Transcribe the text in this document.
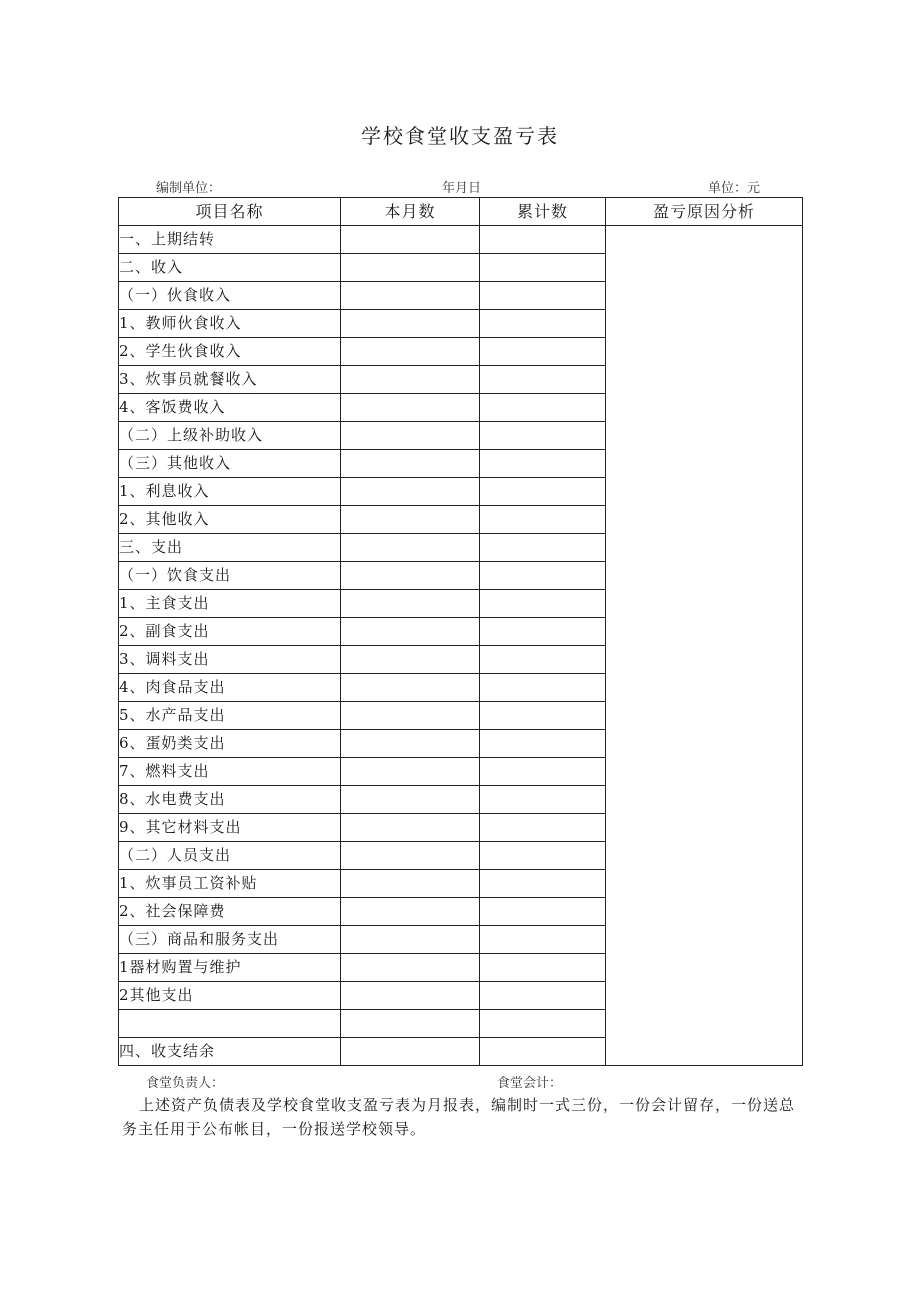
学校食堂收支盈亏表
编制单位：	年月日	单位：元
项目名称	本月数	累计数	盈亏原因分析
一、上期结转			
二、收入			
（一）伙食收入			
1、教师伙食收入			
2、学生伙食收入			
3、炊事员就餐收入			
4、客饭费收入			
（二）上级补助收入			
（三）其他收入			
1、利息收入			
2、其他收入			
三、支出			
（一）饮食支出			
1、主食支出			
2、副食支出			
3、调料支出			
4、肉食品支出			
5、水产品支出			
6、蛋奶类支出			
7、燃料支出			
8、水电费支出			
9、其它材料支出			
（二）人员支出			
1、炊事员工资补贴			
2、社会保障费			
（三）商品和服务支出			
1器材购置与维护			
2其他支出			

四、收支结余			
食堂负责人：	食堂会计：
上述资产负债表及学校食堂收支盈亏表为月报表，编制时一式三份，一份会计留存，一份送总务主任用于公布帐目，一份报送学校领导。
